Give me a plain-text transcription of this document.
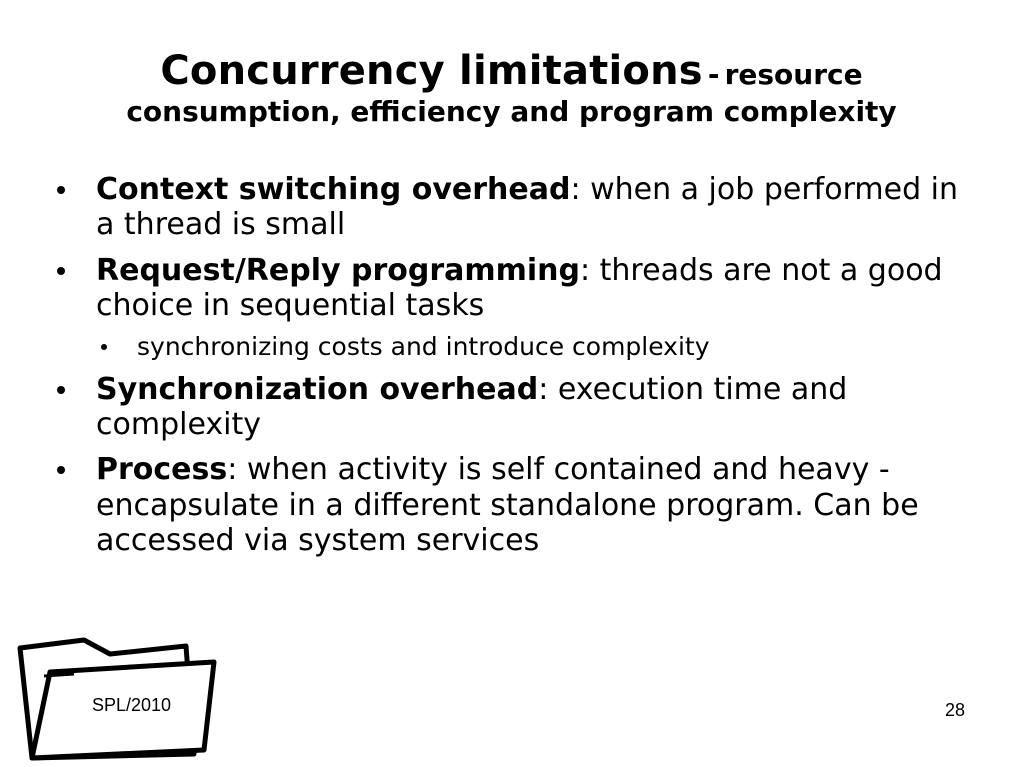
Concurrency limitations - resource
consumption, efficiency and program complexity
Context switching overhead: when a job performed in a thread is small
Request/Reply programming: threads are not a good choice in sequential tasks
synchronizing costs and introduce complexity
Synchronization overhead: execution time and complexity
Process: when activity is self contained and heavy - encapsulate in a different standalone program. Can be accessed via system services
SPL/2010	28
